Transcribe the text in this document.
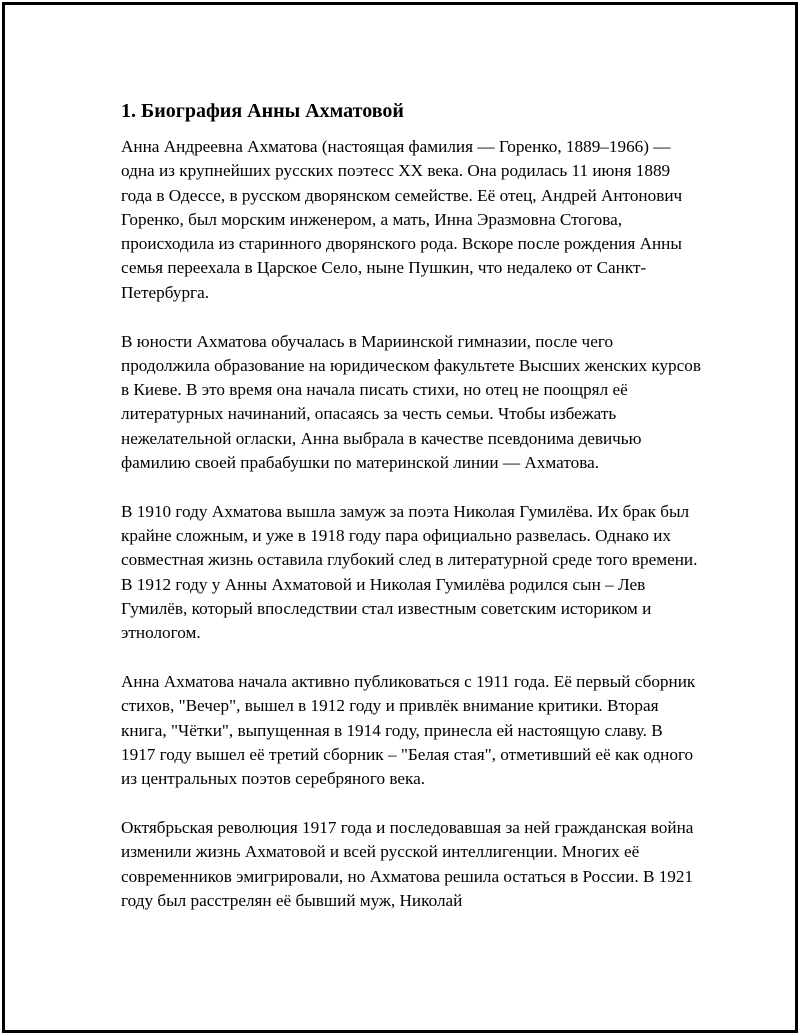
1. Биография Анны Ахматовой

Анна Андреевна Ахматова (настоящая фамилия — Горенко, 1889–1966) — одна из крупнейших русских поэтесс XX века. Она родилась 11 июня 1889 года в Одессе, в русском дворянском семействе. Её отец, Андрей Антонович Горенко, был морским инженером, а мать, Инна Эразмовна Стогова, происходила из старинного дворянского рода. Вскоре после рождения Анны семья переехала в Царское Село, ныне Пушкин, что недалеко от Санкт-Петербурга.

В юности Ахматова обучалась в Мариинской гимназии, после чего продолжила образование на юридическом факультете Высших женских курсов в Киеве. В это время она начала писать стихи, но отец не поощрял её литературных начинаний, опасаясь за честь семьи. Чтобы избежать нежелательной огласки, Анна выбрала в качестве псевдонима девичью фамилию своей прабабушки по материнской линии — Ахматова.

В 1910 году Ахматова вышла замуж за поэта Николая Гумилёва. Их брак был крайне сложным, и уже в 1918 году пара официально развелась. Однако их совместная жизнь оставила глубокий след в литературной среде того времени. В 1912 году у Анны Ахматовой и Николая Гумилёва родился сын – Лев Гумилёв, который впоследствии стал известным советским историком и этнологом.

Анна Ахматова начала активно публиковаться с 1911 года. Её первый сборник стихов, "Вечер", вышел в 1912 году и привлёк внимание критики. Вторая книга, "Чётки", выпущенная в 1914 году, принесла ей настоящую славу. В 1917 году вышел её третий сборник – "Белая стая", отметивший её как одного из центральных поэтов серебряного века.

Октябрьская революция 1917 года и последовавшая за ней гражданская война изменили жизнь Ахматовой и всей русской интеллигенции. Многих её современников эмигрировали, но Ахматова решила остаться в России. В 1921 году был расстрелян её бывший муж, Николай
